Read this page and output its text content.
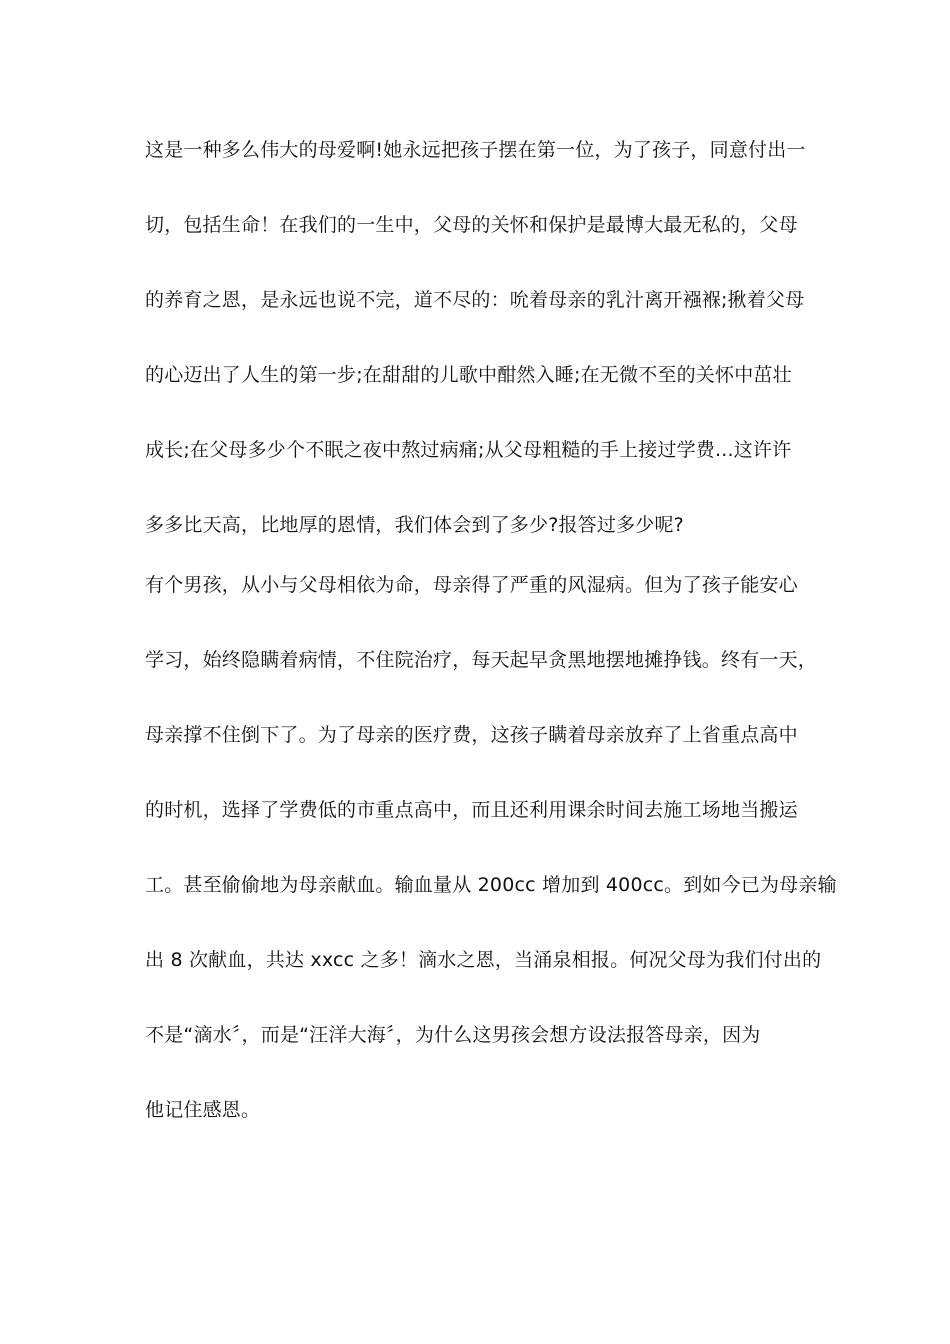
这是一种多么伟大的母爱啊!她永远把孩子摆在第一位，为了孩子，同意付出一
切，包括生命！在我们的一生中，父母的关怀和保护是最博大最无私的，父母
的养育之恩，是永远也说不完，道不尽的：吮着母亲的乳汁离开襁褓;揪着父母
的心迈出了人生的第一步;在甜甜的儿歌中酣然入睡;在无微不至的关怀中茁壮
成长;在父母多少个不眠之夜中熬过病痛;从父母粗糙的手上接过学费...这许许
多多比天高，比地厚的恩情，我们体会到了多少?报答过多少呢?
有个男孩，从小与父母相依为命，母亲得了严重的风湿病。但为了孩子能安心
学习，始终隐瞒着病情，不住院治疗，每天起早贪黑地摆地摊挣钱。终有一天，
母亲撑不住倒下了。为了母亲的医疗费，这孩子瞒着母亲放弃了上省重点高中
的时机，选择了学费低的市重点高中，而且还利用课余时间去施工场地当搬运
工。甚至偷偷地为母亲献血。输血量从 200cc 增加到 400cc。到如今已为母亲输
出 8 次献血，共达 xxcc 之多！滴水之恩，当涌泉相报。何况父母为我们付出的
不是“滴水〞，而是“汪洋大海〞，为什么这男孩会想方设法报答母亲，因为
他记住感恩。
